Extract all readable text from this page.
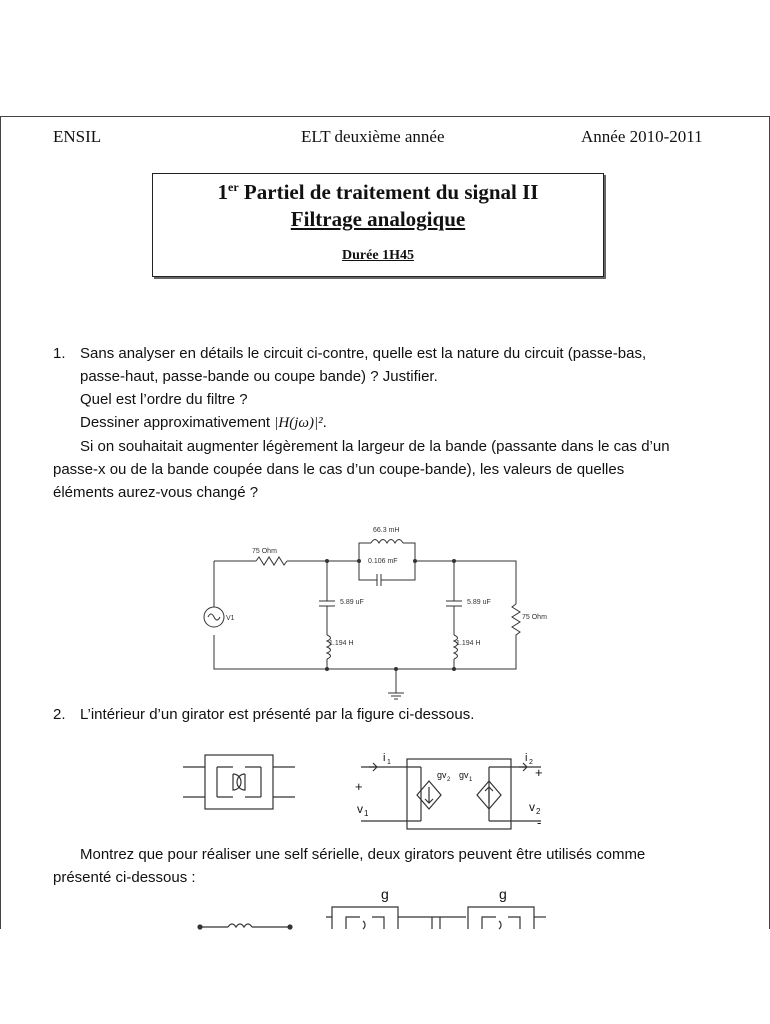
ENSIL	ELT deuxième année	Année 2010-2011
1er Partiel de traitement du signal II
Filtrage analogique
Durée 1H45
1. Sans analyser en détails le circuit ci-contre, quelle est la nature du circuit (passe-bas,
passe-haut, passe-bande ou coupe bande) ? Justifier.
Quel est l’ordre du filtre ?
Dessiner approximativement |H(jω)|².
Si on souhaitait augmenter légèrement la largeur de la bande (passante dans le cas d’un
passe-x ou de la bande coupée dans le cas d’un coupe-bande), les valeurs de quelles
éléments aurez-vous changé ?
75 Ohm
66.3 mH
0.106 mF
5.89 uF
1.194 H
5.89 uF
1.194 H
75 Ohm
V1
2. L’intérieur d’un girator est présenté par la figure ci-dessous.
i 1	i 2
+
v 1
+
v 2
-
gv 2 gv 1
Montrez que pour réaliser une self sérielle, deux girators peuvent être utilisés comme
présenté ci-dessous :
g	g
